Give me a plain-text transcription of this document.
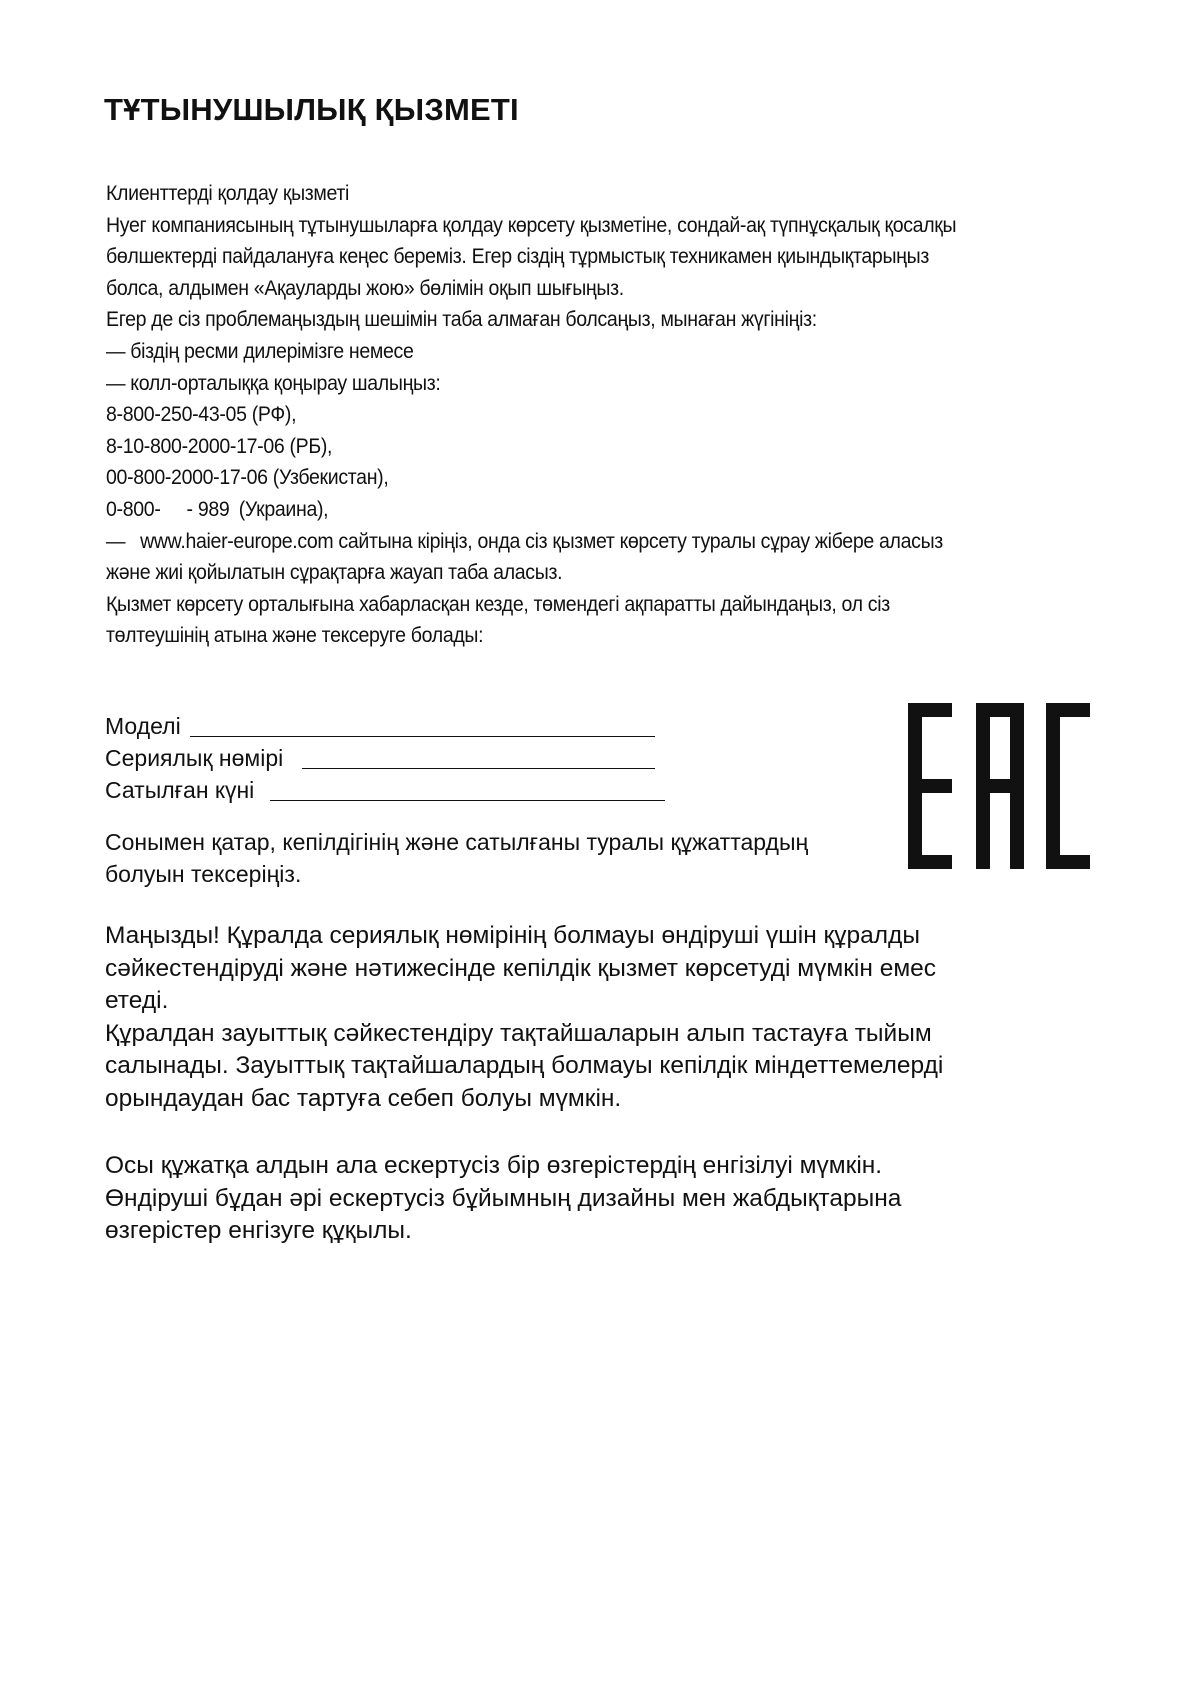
ТҰТЫНУШЫЛЫҚ ҚЫЗМЕТІ

Клиенттерді қолдау қызметі

Нуег компаниясының тұтынушыларға қолдау көрсету қызметіне, сондай-ақ түпнұсқалық қосалқы

бөлшектерді пайдалануға кеңес береміз. Егер сіздің тұрмыстық техникамен қиындықтарыңыз

болса, алдымен «Ақауларды жою» бөлімін оқып шығыңыз.

Егер де сіз проблемаңыздың шешімін таба алмаған болсаңыз, мынаған жүгініңіз:

— біздің ресми дилерімізге немесе

— колл-орталыққа қоңырау шалыңыз:

8-800-250-43-05 (РФ),

8-10-800-2000-17-06 (РБ),

00-800-2000-17-06 (Узбекистан),

0-800- - 989 (Украина),

— www.haier-europe.com сайтына кіріңіз, онда сіз қызмет көрсету туралы сұрау жібере аласыз

және жиі қойылатын сұрақтарға жауап таба аласыз.

Қызмет көрсету орталығына хабарласқан кезде, төмендегі ақпаратты дайындаңыз, ол сіз

төлтеушінің атына және тексеруге болады:

Моделі
Сериялық нөмірі
Сатылған күні

Сонымен қатар, кепілдігінің және сатылғаны туралы құжаттардың

болуын тексеріңіз.

Маңызды! Құралда сериялық нөмірінің болмауы өндіруші үшін құралды

сәйкестендіруді және нәтижесінде кепілдік қызмет көрсетуді мүмкін емес

етеді.

Құралдан зауыттық сәйкестендіру тақтайшаларын алып тастауға тыйым

салынады. Зауыттық тақтайшалардың болмауы кепілдік міндеттемелерді

орындаудан бас тартуға себеп болуы мүмкін.

Осы құжатқа алдын ала ескертусіз бір өзгерістердің енгізілуі мүмкін.

Өндіруші бұдан әрі ескертусіз бұйымның дизайны мен жабдықтарына

өзгерістер енгізуге құқылы.
